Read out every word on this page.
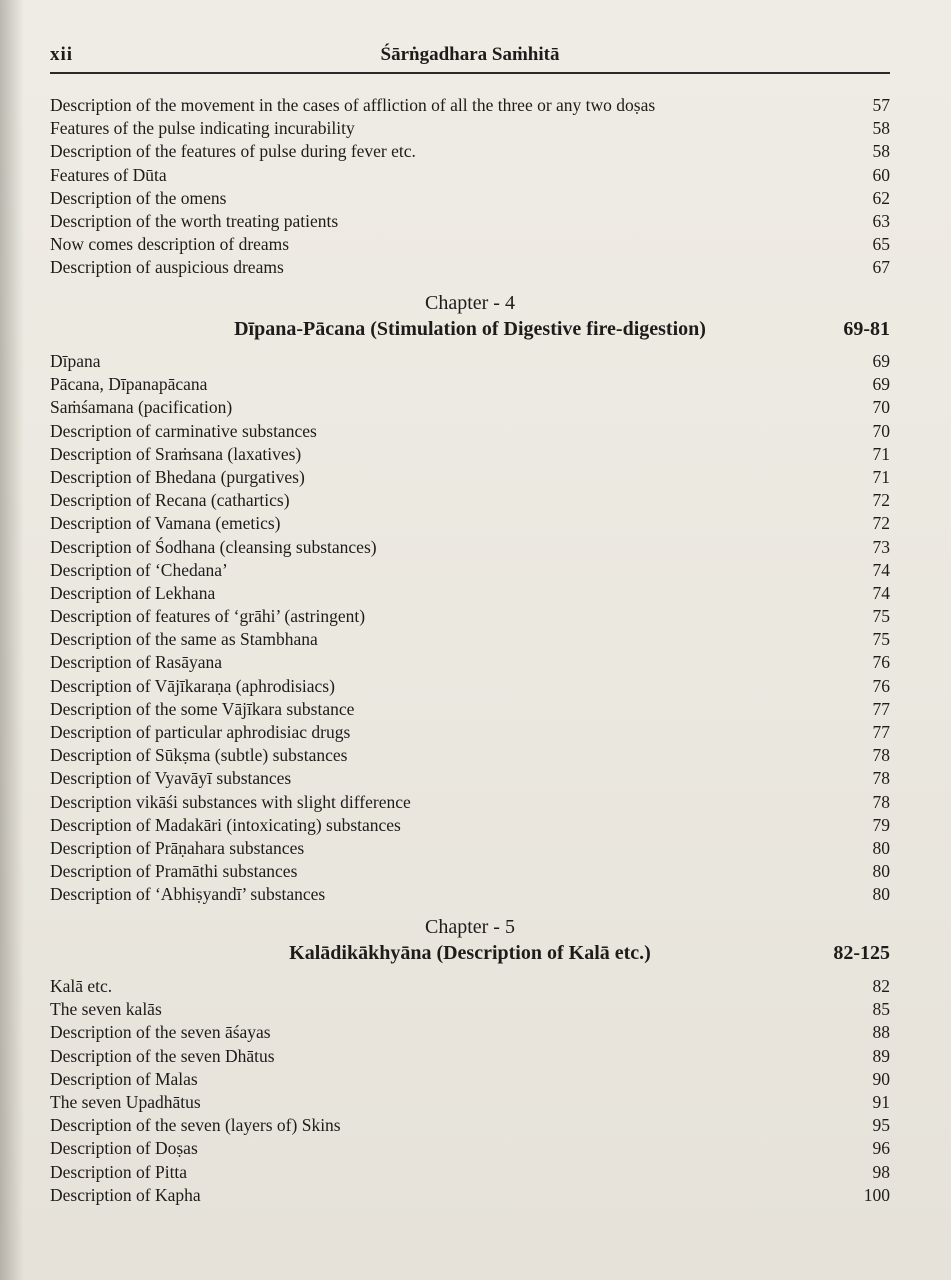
xii	Śārṅgadhara Saṁhitā
Description of the movement in the cases of affliction of all the three or any two doṣas	57
Features of the pulse indicating incurability	58
Description of the features of pulse during fever etc.	58
Features of Dūta	60
Description of the omens	62
Description of the worth treating patients	63
Now comes description of dreams	65
Description of auspicious dreams	67
Chapter - 4
Dīpana-Pācana (Stimulation of Digestive fire-digestion)	69-81
Dīpana	69
Pācana, Dīpanapācana	69
Saṁśamana (pacification)	70
Description of carminative substances	70
Description of Sraṁsana (laxatives)	71
Description of Bhedana (purgatives)	71
Description of Recana (cathartics)	72
Description of Vamana (emetics)	72
Description of Śodhana (cleansing substances)	73
Description of ‘Chedana’	74
Description of Lekhana	74
Description of features of ‘grāhi’ (astringent)	75
Description of the same as Stambhana	75
Description of Rasāyana	76
Description of Vājīkaraṇa (aphrodisiacs)	76
Description of the some Vājīkara substance	77
Description of particular aphrodisiac drugs	77
Description of Sūkṣma (subtle) substances	78
Description of Vyavāyī substances	78
Description vikāśi substances with slight difference	78
Description of Madakāri (intoxicating) substances	79
Description of Prāṇahara substances	80
Description of Pramāthi substances	80
Description of ‘Abhiṣyandī’ substances	80
Chapter - 5
Kalādikākhyāna (Description of Kalā etc.)	82-125
Kalā etc.	82
The seven kalās	85
Description of the seven āśayas	88
Description of the seven Dhātus	89
Description of Malas	90
The seven Upadhātus	91
Description of the seven (layers of) Skins	95
Description of Doṣas	96
Description of Pitta	98
Description of Kapha	100
